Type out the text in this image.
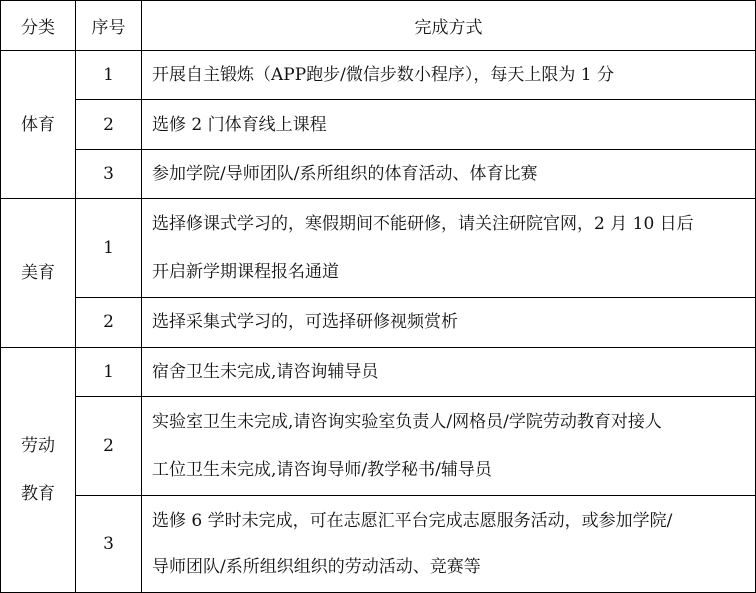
分类	序号	完成方式

体育	1	开展自主锻炼（APP跑步/微信步数小程序），每天上限为 1 分

	2	选修 2 门体育线上课程

	3	参加学院/导师团队/系所组织的体育活动、体育比赛

美育	1	选择修课式学习的，寒假期间不能研修，请关注研院官网，2 月 10 日后
开启新学期课程报名通道

	2	选择采集式学习的，可选择研修视频赏析

劳动
教育	1	宿舍卫生未完成,请咨询辅导员

	2	实验室卫生未完成,请咨询实验室负责人/网格员/学院劳动教育对接人
工位卫生未完成,请咨询导师/教学秘书/辅导员

	3	选修 6 学时未完成，可在志愿汇平台完成志愿服务活动，或参加学院/
导师团队/系所组织组织的劳动活动、竞赛等
